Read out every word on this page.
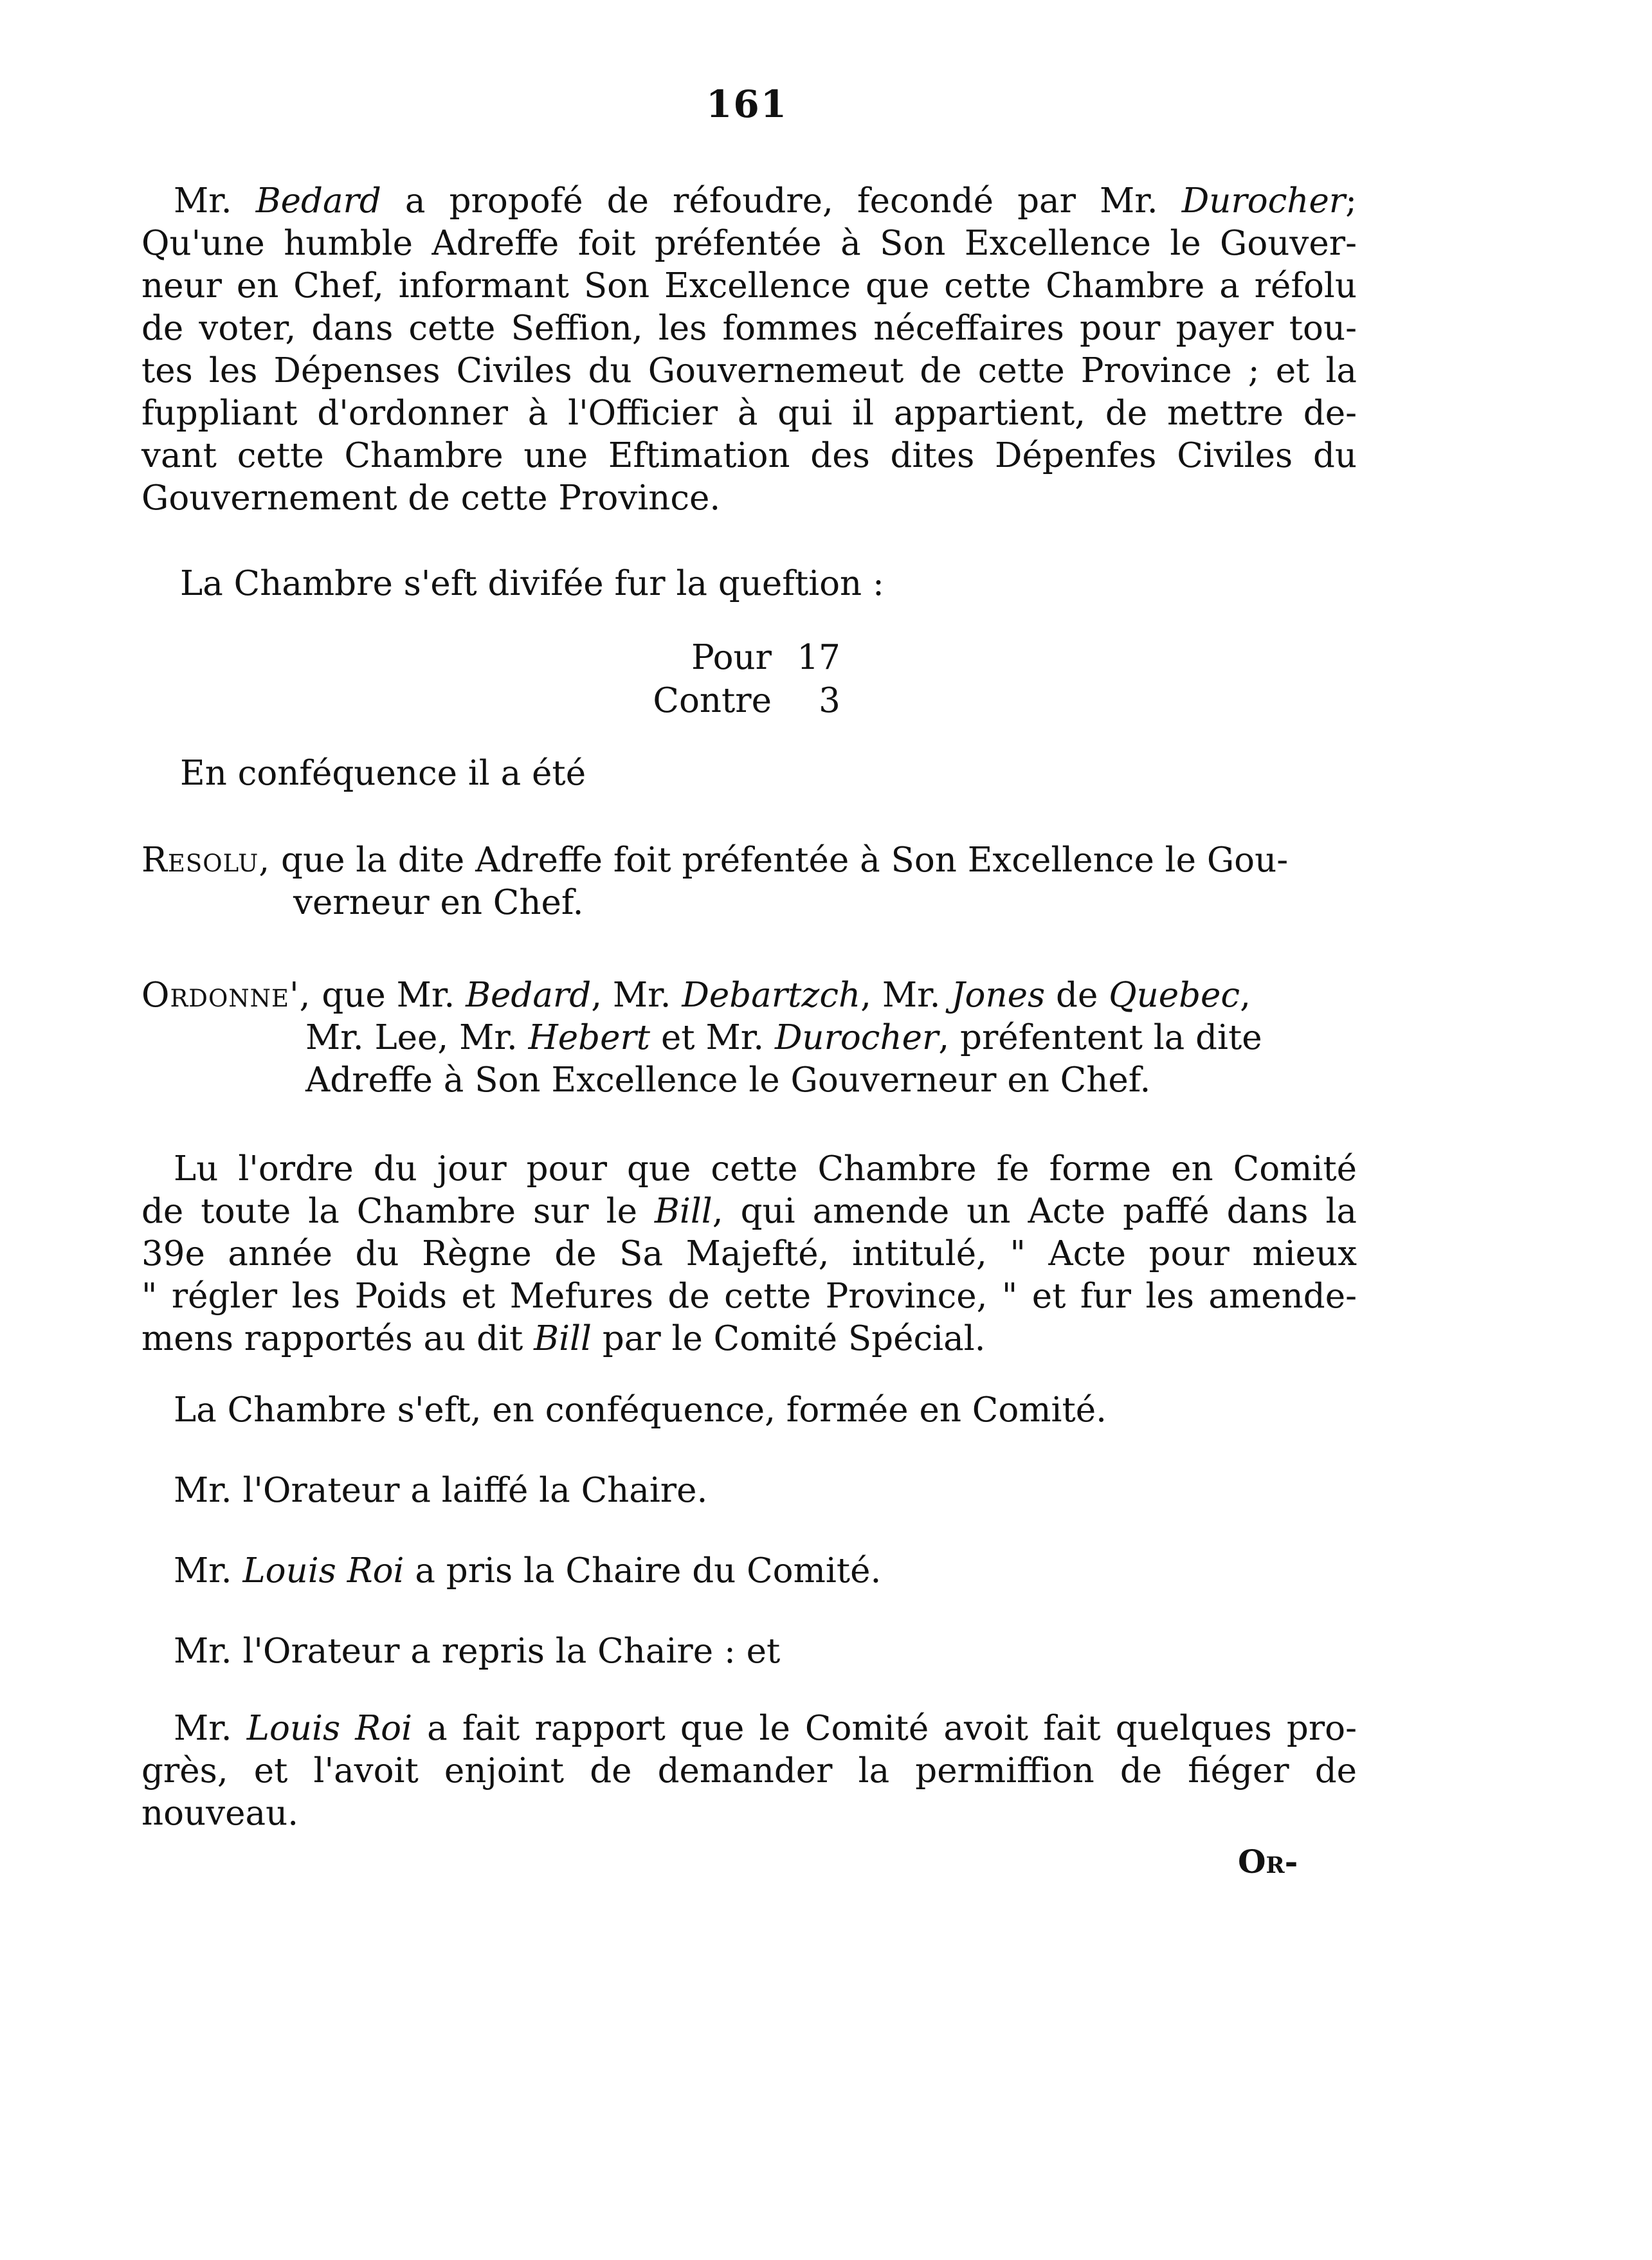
161
Mr. Bedard a propofé de réfoudre, fecondé par Mr. Durocher;
Qu'une humble Adreffe foit préfentée à Son Excellence le Gouver-
neur en Chef, informant Son Excellence que cette Chambre a réfolu
de voter, dans cette Seffion, les fommes néceffaires pour payer tou-
tes les Dépenses Civiles du Gouvernemeut de cette Province ; et la
fuppliant d'ordonner à l'Officier à qui il appartient, de mettre de-
vant cette Chambre une Eftimation des dites Dépenfes Civiles du
Gouvernement de cette Province.
La Chambre s'eft divifée fur la queftion :
Pour 17
Contre 3
En conféquence il a été
Resolu, que la dite Adreffe foit préfentée à Son Excellence le Gou-
verneur en Chef.
Ordonne', que Mr. Bedard, Mr. Debartzch, Mr. Jones de Quebec,
Mr. Lee, Mr. Hebert et Mr. Durocher, préfentent la dite
Adreffe à Son Excellence le Gouverneur en Chef.
Lu l'ordre du jour pour que cette Chambre fe forme en Comité
de toute la Chambre sur le Bill, qui amende un Acte paffé dans la
39e année du Règne de Sa Majefté, intitulé, " Acte pour mieux
" régler les Poids et Mefures de cette Province, " et fur les amende-
mens rapportés au dit Bill par le Comité Spécial.
La Chambre s'eft, en conféquence, formée en Comité.
Mr. l'Orateur a laiffé la Chaire.
Mr. Louis Roi a pris la Chaire du Comité.
Mr. l'Orateur a repris la Chaire : et
Mr. Louis Roi a fait rapport que le Comité avoit fait quelques pro-
grès, et l'avoit enjoint de demander la permiffion de fiéger de
nouveau.
Or-
